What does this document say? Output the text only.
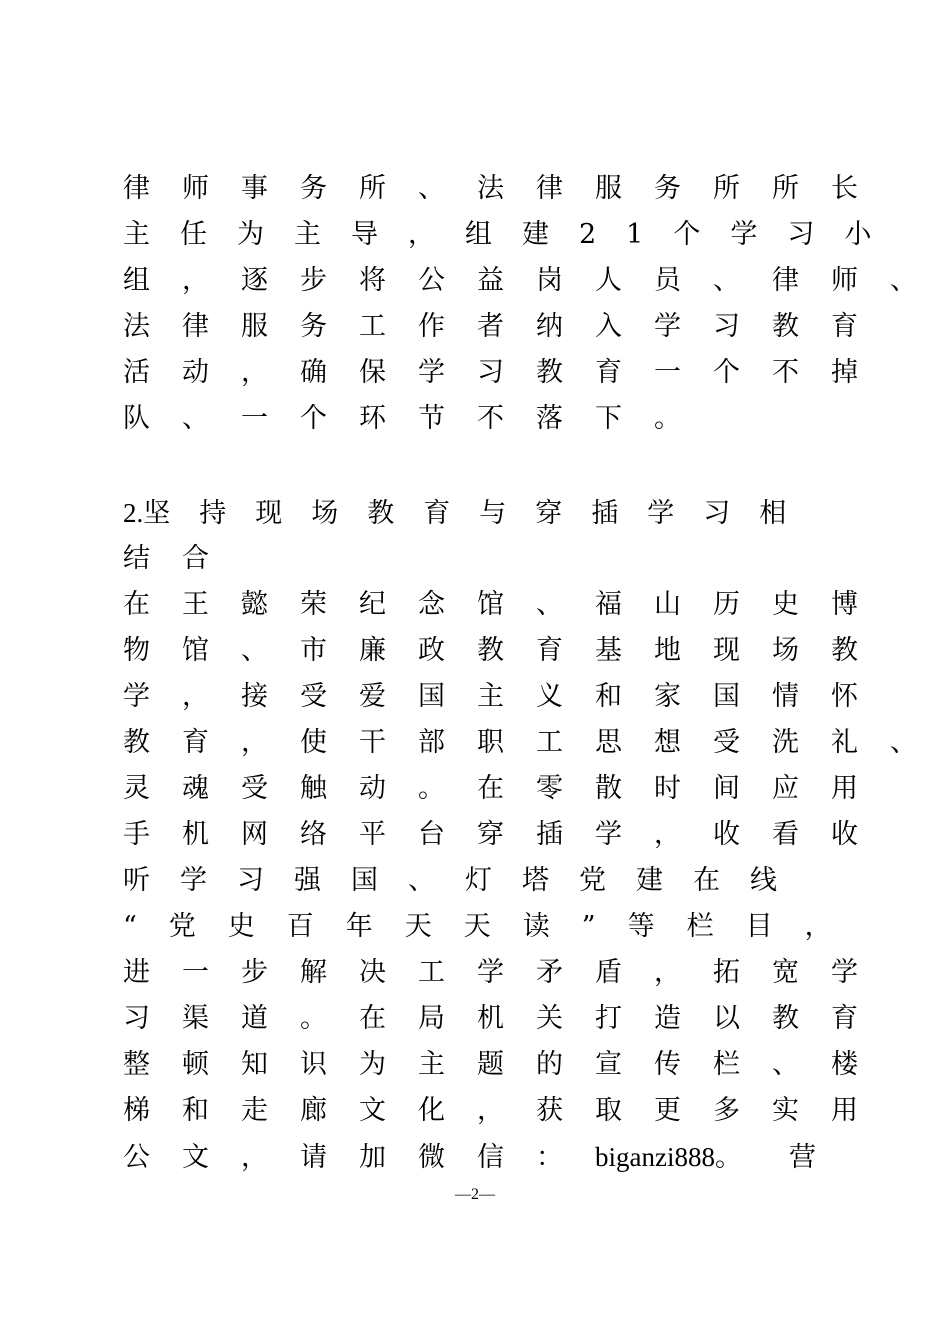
律师事务所、法律服务所所长
主任为主导，组建21个学习小
组，逐步将公益岗人员、律师、
法律服务工作者纳入学习教育
活动，确保学习教育一个不掉
队、一个环节不落下。
2.坚持现场教育与穿插学习相
结合
在王懿荣纪念馆、福山历史博
物馆、市廉政教育基地现场教
学，接受爱国主义和家国情怀
教育，使干部职工思想受洗礼、
灵魂受触动。在零散时间应用
手机网络平台穿插学，收看收
听学习强国、灯塔党建在线
“党史百年天天读”等栏目，
进一步解决工学矛盾，拓宽学
习渠道。在局机关打造以教育
整顿知识为主题的宣传栏、楼
梯和走廊文化，获取更多实用
公文，请加微信：biganzi888。营
—2—
